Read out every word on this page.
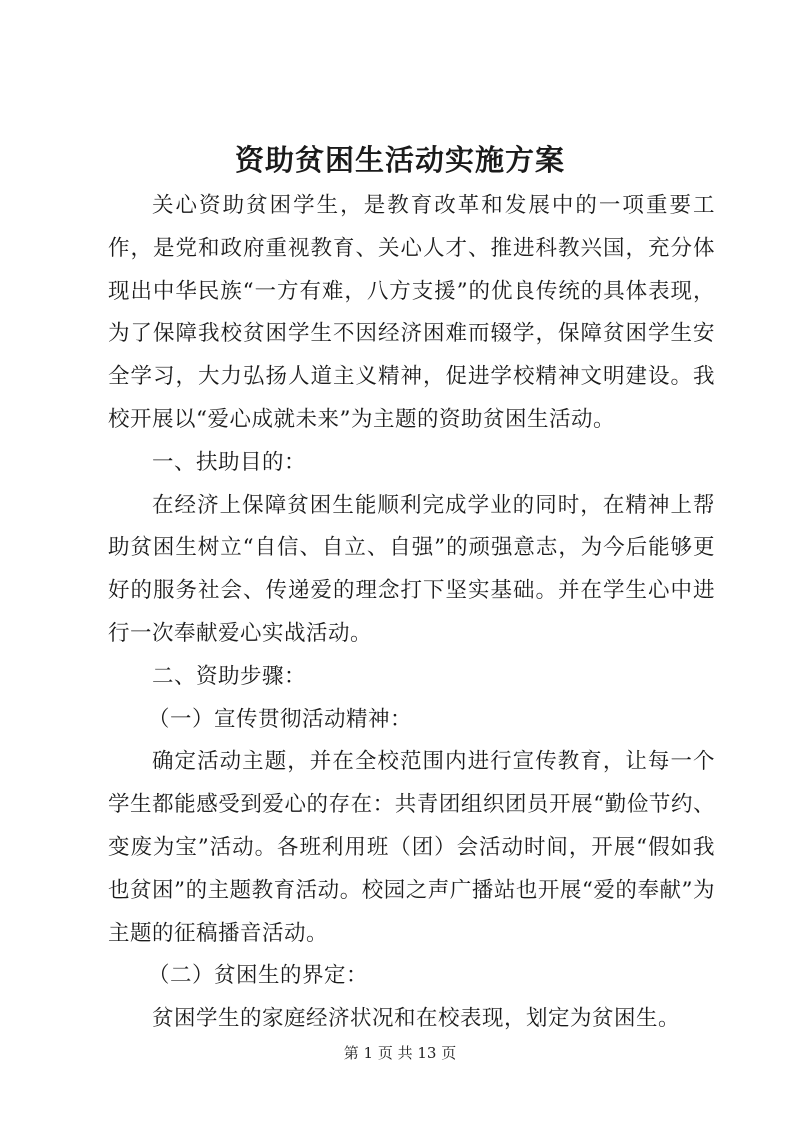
资助贫困生活动实施方案

关心资助贫困学生，是教育改革和发展中的一项重要工作，是党和政府重视教育、关心人才、推进科教兴国，充分体现出中华民族“一方有难，八方支援”的优良传统的具体表现，为了保障我校贫困学生不因经济困难而辍学，保障贫困学生安全学习，大力弘扬人道主义精神，促进学校精神文明建设。我校开展以“爱心成就未来”为主题的资助贫困生活动。

一、扶助目的：

在经济上保障贫困生能顺利完成学业的同时，在精神上帮助贫困生树立“自信、自立、自强”的顽强意志，为今后能够更好的服务社会、传递爱的理念打下坚实基础。并在学生心中进行一次奉献爱心实战活动。

二、资助步骤：

（一）宣传贯彻活动精神：

确定活动主题，并在全校范围内进行宣传教育，让每一个学生都能感受到爱心的存在：共青团组织团员开展“勤俭节约、变废为宝”活动。各班利用班（团）会活动时间，开展“假如我也贫困”的主题教育活动。校园之声广播站也开展“爱的奉献”为主题的征稿播音活动。

（二）贫困生的界定：

贫困学生的家庭经济状况和在校表现，划定为贫困生。

第 1 页 共 13 页
